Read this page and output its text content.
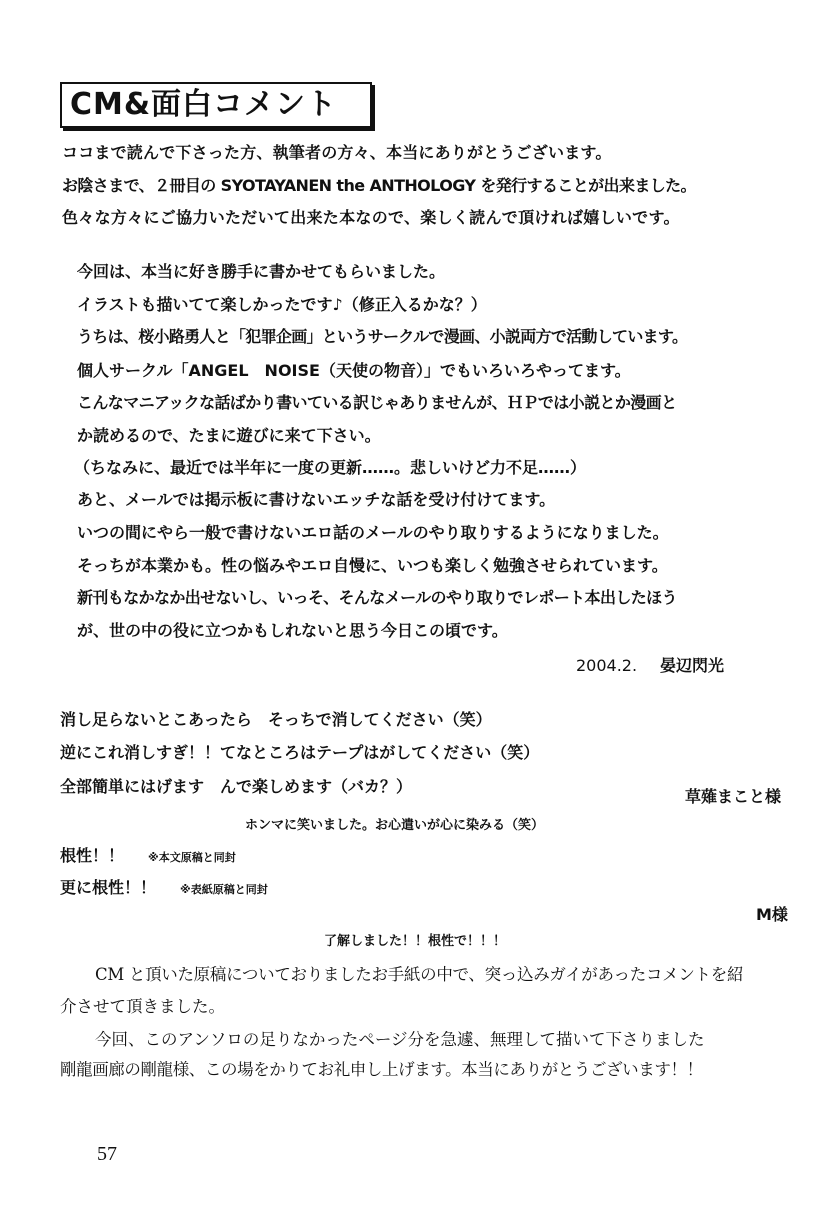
CM&面白コメント
ココまで読んで下さった方、執筆者の方々、本当にありがとうございます。
お陰さまで、２冊目の SYOTAYANEN the ANTHOLOGY を発行することが出来ました。
色々な方々にご協力いただいて出来た本なので、楽しく読んで頂ければ嬉しいです。
今回は、本当に好き勝手に書かせてもらいました。
イラストも描いてて楽しかったです♪（修正入るかな？）
うちは、桜小路勇人と「犯罪企画」というサークルで漫画、小説両方で活動しています。
個人サークル「ANGEL　NOISE（天使の物音）」でもいろいろやってます。
こんなマニアックな話ばかり書いている訳じゃありませんが、ＨＰでは小説とか漫画と
か読めるので、たまに遊びに来て下さい。
（ちなみに、最近では半年に一度の更新……。悲しいけど力不足……）
あと、メールでは掲示板に書けないエッチな話を受け付けてます。
いつの間にやら一般で書けないエロ話のメールのやり取りするようになりました。
そっちが本業かも。性の悩みやエロ自慢に、いつも楽しく勉強させられています。
新刊もなかなか出せないし、いっそ、そんなメールのやり取りでレポート本出したほう
が、世の中の役に立つかもしれないと思う今日この頃です。
2004.2. 晏辺閃光
消し足らないとこあったら　そっちで消してください（笑）
逆にこれ消しすぎ！！てなところはテープはがしてください（笑）
全部簡単にはげます　んで楽しめます（バカ？）
草薙まこと様
ホンマに笑いました。お心遣いが心に染みる（笑）
根性！！ ※本文原稿と同封
更に根性！！ ※表紙原稿と同封
M様
了解しました！！根性で！！！
CM と頂いた原稿についておりましたお手紙の中で、突っ込みガイがあったコメントを紹
介させて頂きました。
今回、このアンソロの足りなかったページ分を急遽、無理して描いて下さりました
剛龍画廊の剛龍様、この場をかりてお礼申し上げます。本当にありがとうございます！！
57
